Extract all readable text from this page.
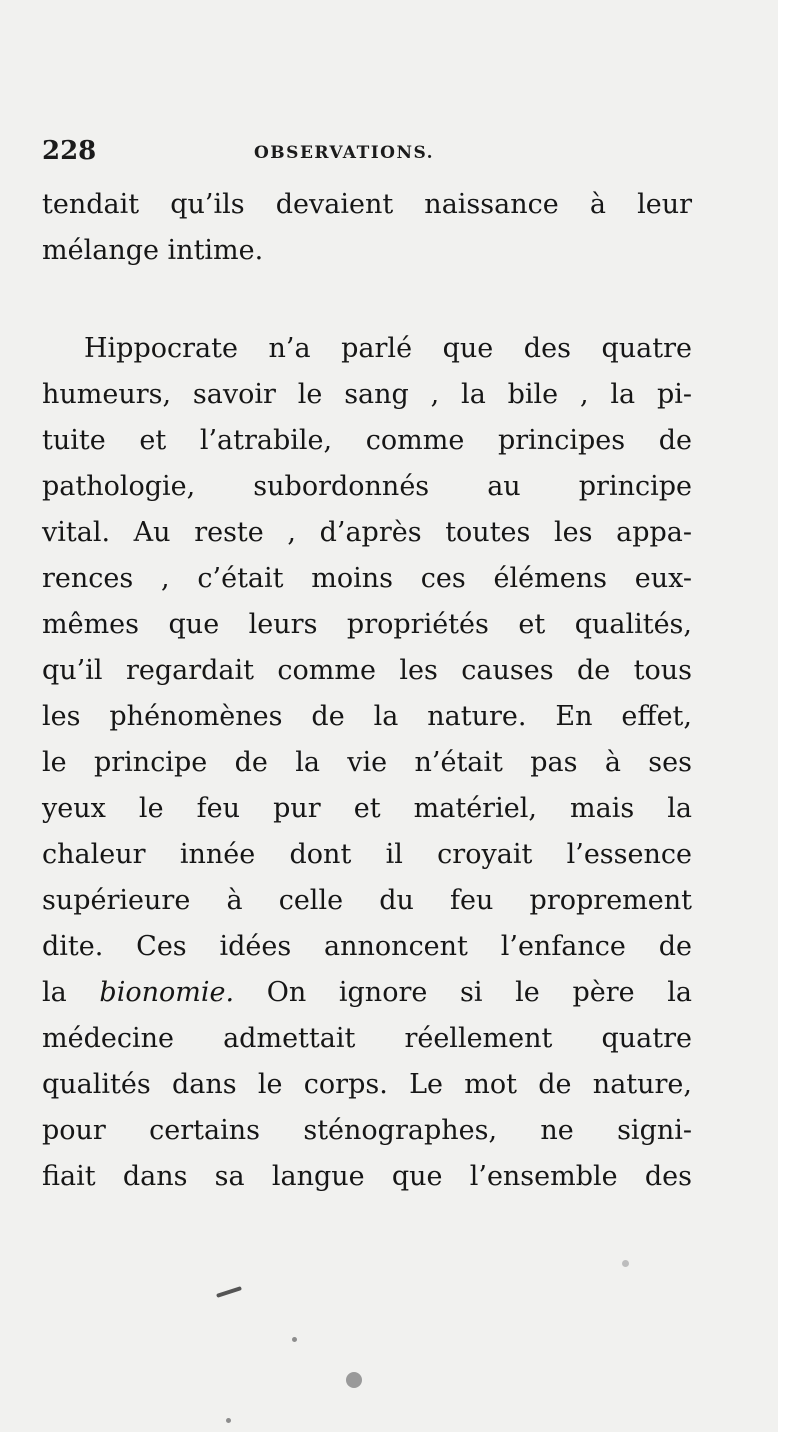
228	OBSERVATIONS.
tendait qu’ils devaient naissance à leur
mélange intime.
Hippocrate n’a parlé que des quatre
humeurs, savoir le sang , la bile , la pi-
tuite et l’atrabile, comme principes de
pathologie, subordonnés au principe
vital. Au reste , d’après toutes les appa-
rences , c’était moins ces élémens eux-
mêmes que leurs propriétés et qualités,
qu’il regardait comme les causes de tous
les phénomènes de la nature. En effet,
le principe de la vie n’était pas à ses
yeux le feu pur et matériel, mais la
chaleur innée dont il croyait l’essence
supérieure à celle du feu proprement
dite. Ces idées annoncent l’enfance de
la bionomie. On ignore si le père la
médecine admettait réellement quatre
qualités dans le corps. Le mot de nature,
pour certains sténographes, ne signi-
fiait dans sa langue que l’ensemble des
